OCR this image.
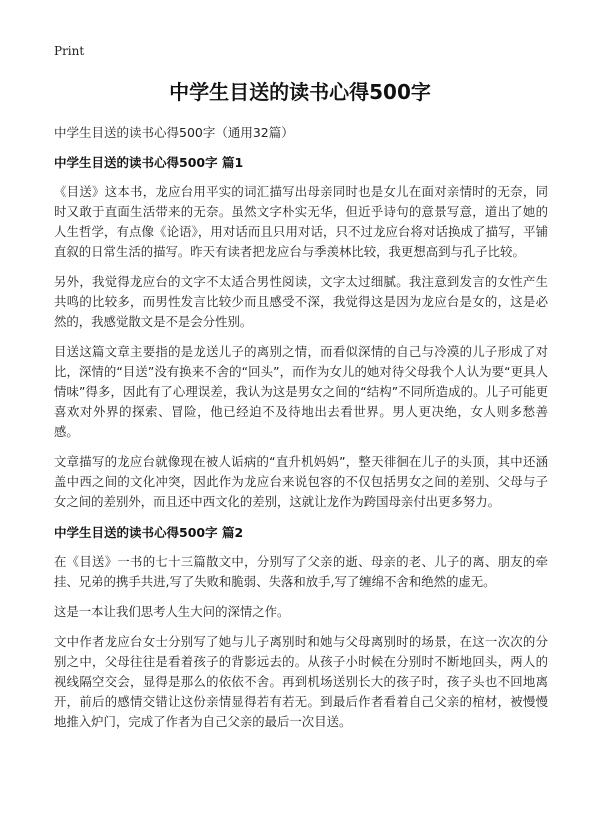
Print
中学生目送的读书心得500字
中学生目送的读书心得500字（通用32篇）
中学生目送的读书心得500字 篇1

《目送》这本书，龙应台用平实的词汇描写出母亲同时也是女儿在面对亲情时的无奈，同时又敢于直面生活带来的无奈。虽然文字朴实无华，但近乎诗句的意景写意，道出了她的人生哲学，有点像《论语》，用对话而且只用对话，只不过龙应台将对话换成了描写，平铺直叙的日常生活的描写。昨天有读者把龙应台与季羡林比较，我更想高到与孔子比较。

另外，我觉得龙应台的文字不太适合男性阅读，文字太过细腻。我注意到发言的女性产生共鸣的比较多，而男性发言比较少而且感受不深，我觉得这是因为龙应台是女的，这是必然的，我感觉散文是不是会分性别。

目送这篇文章主要指的是龙送儿子的离别之情，而看似深情的自己与冷漠的儿子形成了对比，深情的“目送”没有换来不舍的“回头”，而作为女儿的她对待父母我个人认为要“更具人情味”得多，因此有了心理误差，我认为这是男女之间的“结构”不同所造成的。儿子可能更喜欢对外界的探索、冒险，他已经迫不及待地出去看世界。男人更决绝，女人则多愁善感。

文章描写的龙应台就像现在被人诟病的“直升机妈妈”，整天徘徊在儿子的头顶，其中还涵盖中西之间的文化冲突，因此作为龙应台来说包容的不仅包括男女之间的差别、父母与子女之间的差别外，而且还中西文化的差别，这就让龙作为跨国母亲付出更多努力。

中学生目送的读书心得500字 篇2

在《目送》一书的七十三篇散文中，分别写了父亲的逝、母亲的老、儿子的离、朋友的牵挂、兄弟的携手共进,写了失败和脆弱、失落和放手,写了缠绵不舍和绝然的虚无。

这是一本让我们思考人生大问的深情之作。

文中作者龙应台女士分别写了她与儿子离别时和她与父母离别时的场景，在这一次次的分别之中，父母往往是看着孩子的背影远去的。从孩子小时候在分别时不断地回头，两人的视线隔空交会，显得是那么的依依不舍。再到机场送别长大的孩子时，孩子头也不回地离开，前后的感情交错让这份亲情显得若有若无。到最后作者看着自己父亲的棺材，被慢慢地推入炉门，完成了作者为自己父亲的最后一次目送。
